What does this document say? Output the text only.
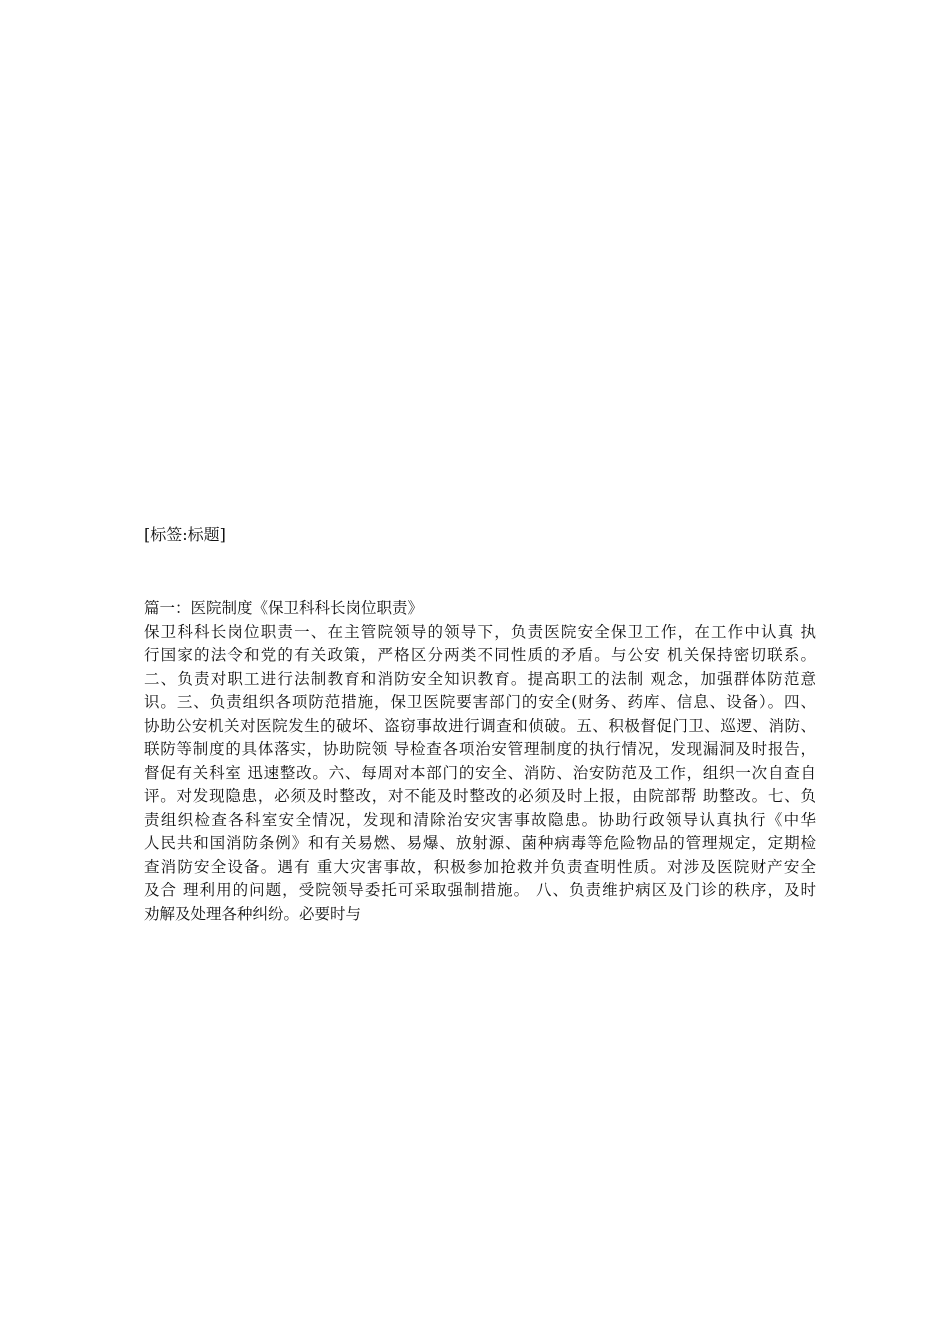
[标签:标题]
篇一：医院制度《保卫科科长岗位职责》
保卫科科长岗位职责一、在主管院领导的领导下，负责医院安全保卫工作，在工作中认真 执
行国家的法令和党的有关政策，严格区分两类不同性质的矛盾。与公安 机关保持密切联系。
二、负责对职工进行法制教育和消防安全知识教育。提高职工的法制 观念，加强群体防范意
识。三、负责组织各项防范措施，保卫医院要害部门的安全(财务、药库、信息、设备）。四、
协助公安机关对医院发生的破坏、盗窃事故进行调查和侦破。五、积极督促门卫、巡逻、消防、
联防等制度的具体落实，协助院领 导检查各项治安管理制度的执行情况，发现漏洞及时报告，
督促有关科室 迅速整改。六、每周对本部门的安全、消防、治安防范及工作，组织一次自查自
评。对发现隐患，必须及时整改，对不能及时整改的必须及时上报，由院部帮 助整改。七、负
责组织检查各科室安全情况，发现和清除治安灾害事故隐患。协助行政领导认真执行《中华
人民共和国消防条例》和有关易燃、易爆、放射源、菌种病毒等危险物品的管理规定，定期检
查消防安全设备。遇有 重大灾害事故，积极参加抢救并负责查明性质。对涉及医院财产安全
及合 理利用的问题，受院领导委托可采取强制措施。 八、负责维护病区及门诊的秩序，及时
劝解及处理各种纠纷。必要时与
